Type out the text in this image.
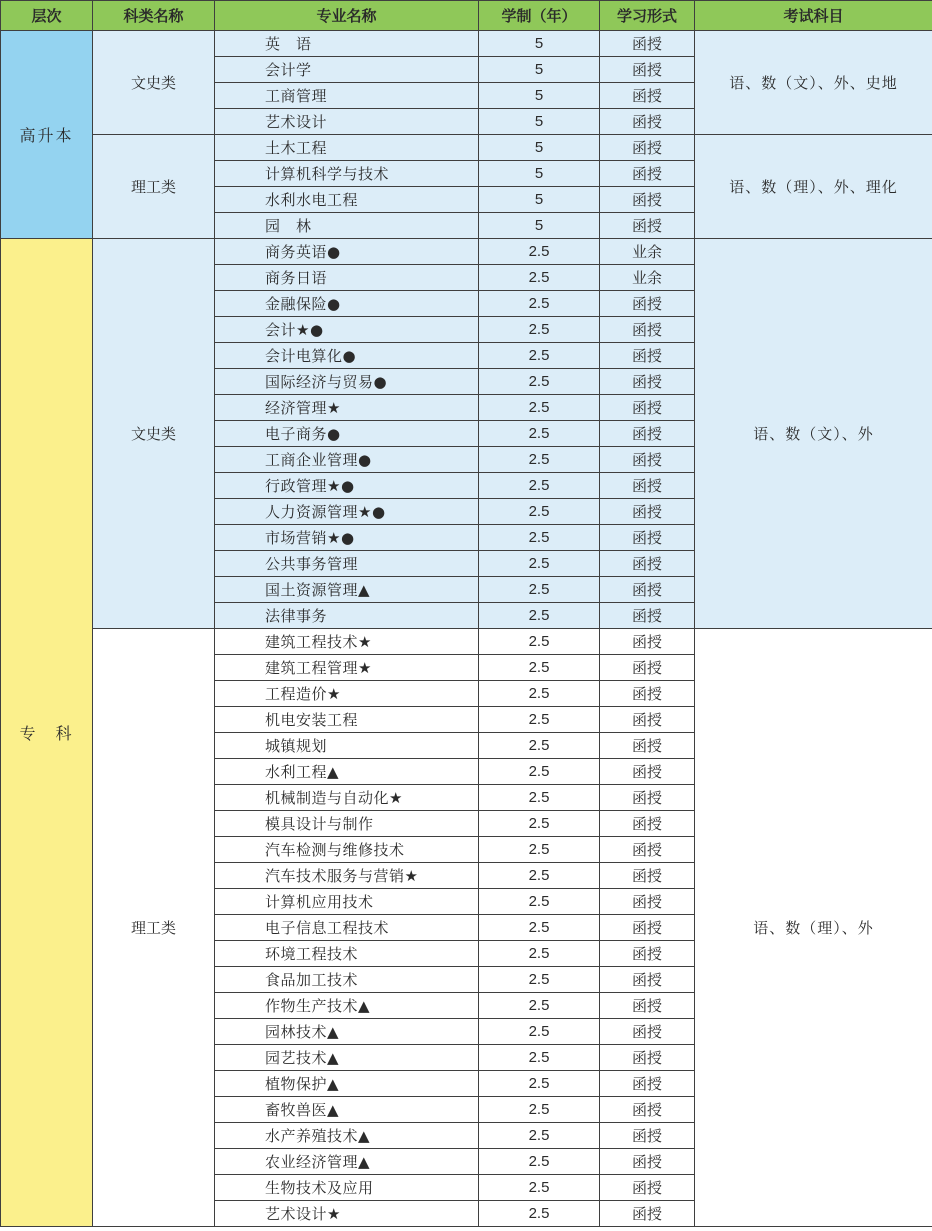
层次	科类名称	专业名称	学制（年）	学习形式	考试科目
高升本	文史类	英　语	5	函授	语、数（文）、外、史地
		会计学	5	函授	
		工商管理	5	函授	
		艺术设计	5	函授	
	理工类	土木工程	5	函授	语、数（理）、外、理化
		计算机科学与技术	5	函授	
		水利水电工程	5	函授	
		园　林	5	函授	
专　科	文史类	商务英语●	2.5	业余	语、数（文）、外
		商务日语	2.5	业余	
		金融保险●	2.5	函授	
		会计★●	2.5	函授	
		会计电算化●	2.5	函授	
		国际经济与贸易●	2.5	函授	
		经济管理★	2.5	函授	
		电子商务●	2.5	函授	
		工商企业管理●	2.5	函授	
		行政管理★●	2.5	函授	
		人力资源管理★●	2.5	函授	
		市场营销★●	2.5	函授	
		公共事务管理	2.5	函授	
		国土资源管理▲	2.5	函授	
		法律事务	2.5	函授	
	理工类	建筑工程技术★	2.5	函授	语、数（理）、外
		建筑工程管理★	2.5	函授	
		工程造价★	2.5	函授	
		机电安装工程	2.5	函授	
		城镇规划	2.5	函授	
		水利工程▲	2.5	函授	
		机械制造与自动化★	2.5	函授	
		模具设计与制作	2.5	函授	
		汽车检测与维修技术	2.5	函授	
		汽车技术服务与营销★	2.5	函授	
		计算机应用技术	2.5	函授	
		电子信息工程技术	2.5	函授	
		环境工程技术	2.5	函授	
		食品加工技术	2.5	函授	
		作物生产技术▲	2.5	函授	
		园林技术▲	2.5	函授	
		园艺技术▲	2.5	函授	
		植物保护▲	2.5	函授	
		畜牧兽医▲	2.5	函授	
		水产养殖技术▲	2.5	函授	
		农业经济管理▲	2.5	函授	
		生物技术及应用	2.5	函授	
		艺术设计★	2.5	函授	
